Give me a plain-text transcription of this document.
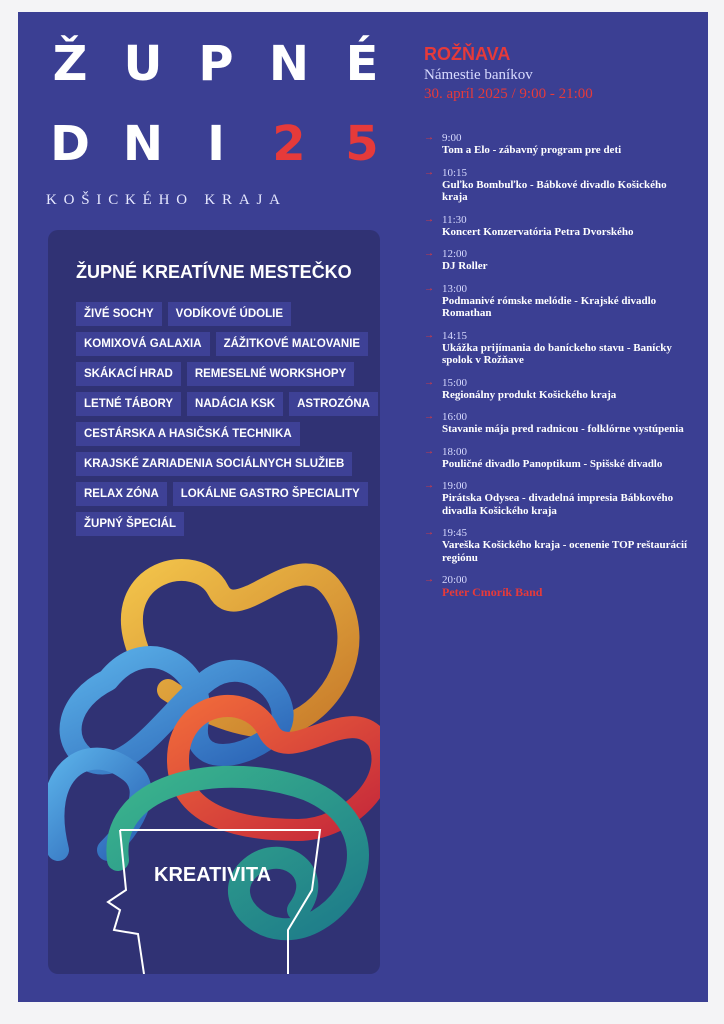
Ž U P N É
D N I 2 5
KOŠICKÉHO KRAJA
ŽUPNÉ KREATÍVNE MESTEČKO
ŽIVÉ SOCHY	VODÍKOVÉ ÚDOLIE
KOMIXOVÁ GALAXIA	ZÁŽITKOVÉ MAĽOVANIE
SKÁKACÍ HRAD	REMESELNÉ WORKSHOPY
LETNÉ TÁBORY	NADÁCIA KSK	ASTROZÓNA
CESTÁRSKA A HASIČSKÁ TECHNIKA
KRAJSKÉ ZARIADENIA SOCIÁLNYCH SLUŽIEB
RELAX ZÓNA	LOKÁLNE GASTRO ŠPECIALITY
ŽUPNÝ ŠPECIÁL
KREATIVITA
ROŽŇAVA
Námestie baníkov
30. apríl 2025 / 9:00 - 21:00
→ 9:00
Tom a Elo - zábavný program pre deti
→ 10:15
Guľko Bombuľko - Bábkové divadlo Košického kraja
→ 11:30
Koncert Konzervatória Petra Dvorského
→ 12:00
DJ Roller
→ 13:00
Podmanivé rómske melódie - Krajské divadlo Romathan
→ 14:15
Ukážka prijímania do baníckeho stavu - Banícky spolok v Rožňave
→ 15:00
Regionálny produkt Košického kraja
→ 16:00
Stavanie mája pred radnicou - folklórne vystúpenia
→ 18:00
Pouličné divadlo Panoptikum - Spišské divadlo
→ 19:00
Pirátska Odysea - divadelná impresia Bábkového divadla Košického kraja
→ 19:45
Vareška Košického kraja - ocenenie TOP reštaurácií regiónu
→ 20:00
Peter Cmorík Band
